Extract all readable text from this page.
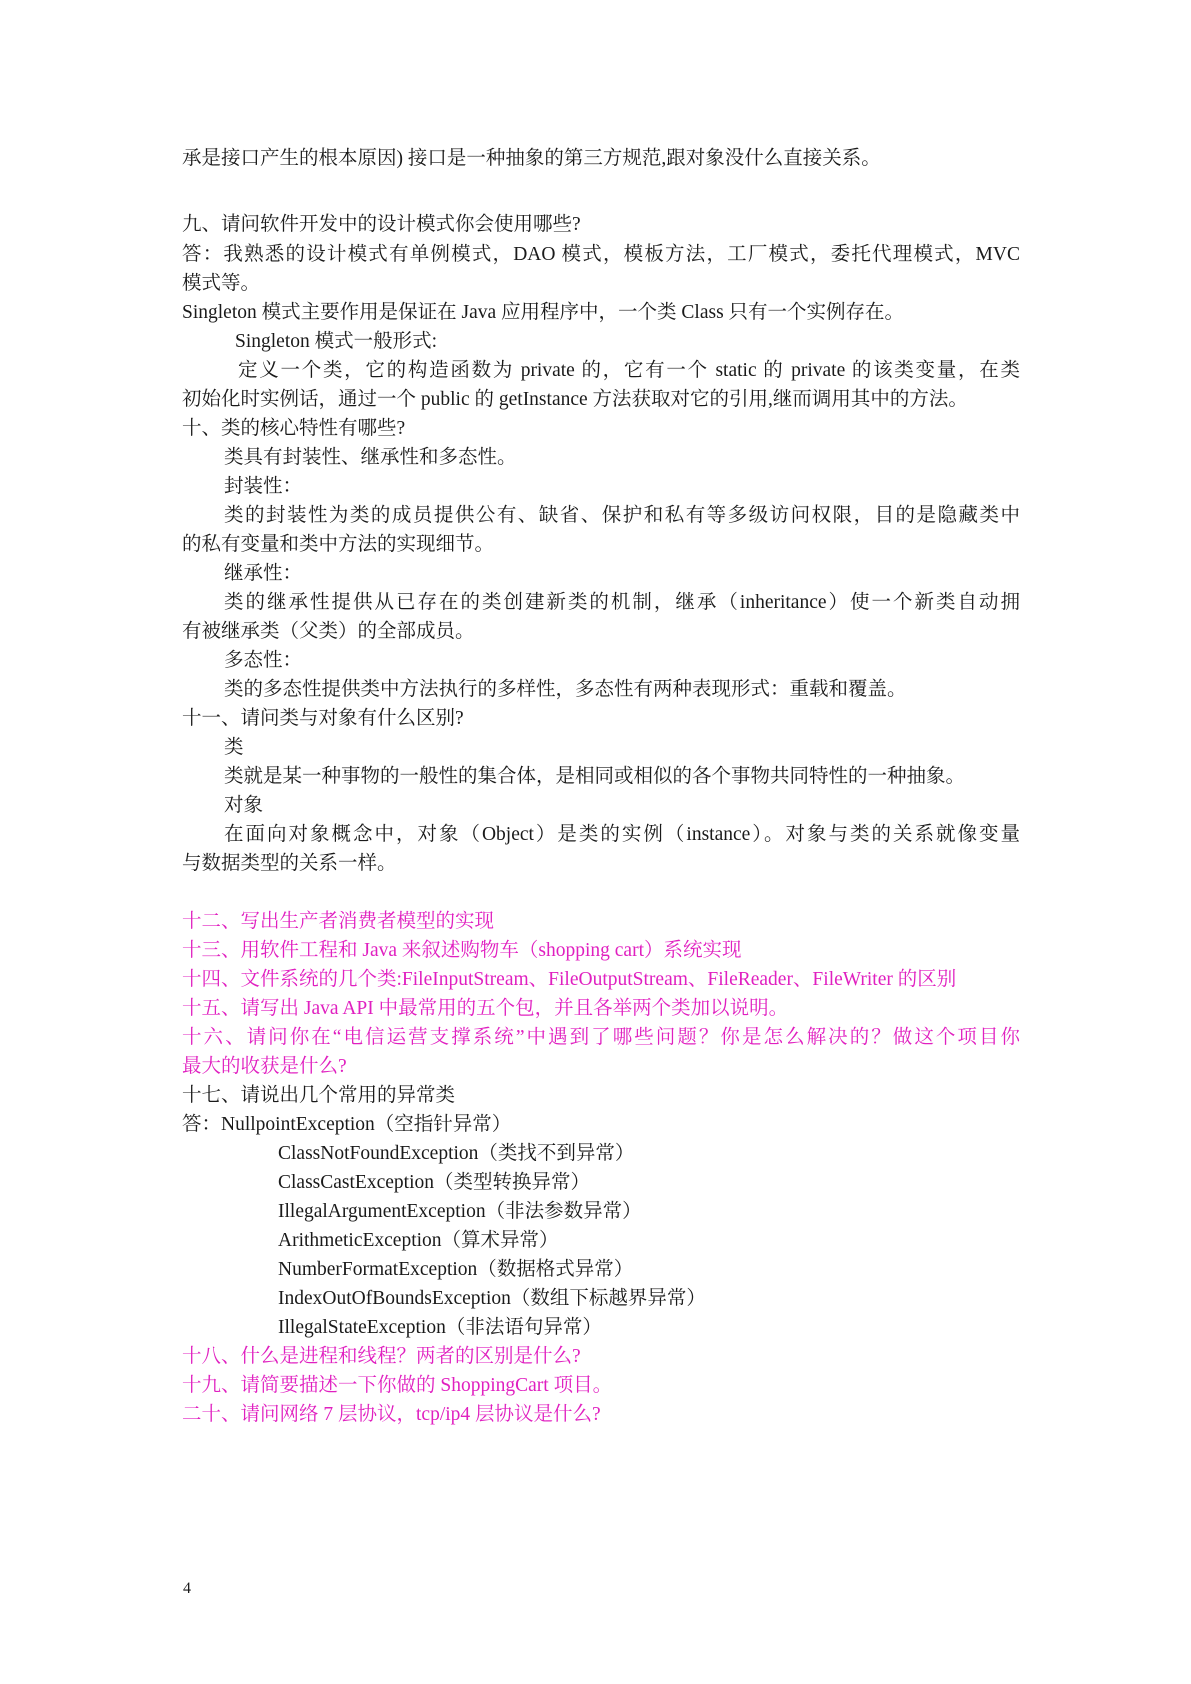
承是接口产生的根本原因) 接口是一种抽象的第三方规范,跟对象没什么直接关系。
九、请问软件开发中的设计模式你会使用哪些?
答：我熟悉的设计模式有单例模式，DAO 模式，模板方法，工厂模式，委托代理模式，MVC
模式等。
Singleton 模式主要作用是保证在 Java 应用程序中，一个类 Class 只有一个实例存在。
Singleton 模式一般形式:
定义一个类，它的构造函数为 private 的，它有一个 static 的 private 的该类变量，在类
初始化时实例话，通过一个 public 的 getInstance 方法获取对它的引用,继而调用其中的方法。
十、类的核心特性有哪些?
类具有封装性、继承性和多态性。
封装性：
类的封装性为类的成员提供公有、缺省、保护和私有等多级访问权限，目的是隐藏类中
的私有变量和类中方法的实现细节。
继承性：
类的继承性提供从已存在的类创建新类的机制，继承（inheritance）使一个新类自动拥
有被继承类（父类）的全部成员。
多态性：
类的多态性提供类中方法执行的多样性，多态性有两种表现形式：重载和覆盖。
十一、请问类与对象有什么区别?
类
类就是某一种事物的一般性的集合体，是相同或相似的各个事物共同特性的一种抽象。
对象
在面向对象概念中，对象（Object）是类的实例（instance）。对象与类的关系就像变量
与数据类型的关系一样。
十二、写出生产者消费者模型的实现
十三、用软件工程和 Java 来叙述购物车（shopping cart）系统实现
十四、文件系统的几个类:FileInputStream、FileOutputStream、FileReader、FileWriter 的区别
十五、请写出 Java API 中最常用的五个包，并且各举两个类加以说明。
十六、请问你在“电信运营支撑系统”中遇到了哪些问题？你是怎么解决的？做这个项目你
最大的收获是什么?
十七、请说出几个常用的异常类
答：NullpointException（空指针异常）
ClassNotFoundException（类找不到异常）
ClassCastException（类型转换异常）
IllegalArgumentException（非法参数异常）
ArithmeticException（算术异常）
NumberFormatException（数据格式异常）
IndexOutOfBoundsException（数组下标越界异常）
IllegalStateException（非法语句异常）
十八、什么是进程和线程？两者的区别是什么?
十九、请简要描述一下你做的 ShoppingCart 项目。
二十、请问网络 7 层协议，tcp/ip4 层协议是什么?
4
